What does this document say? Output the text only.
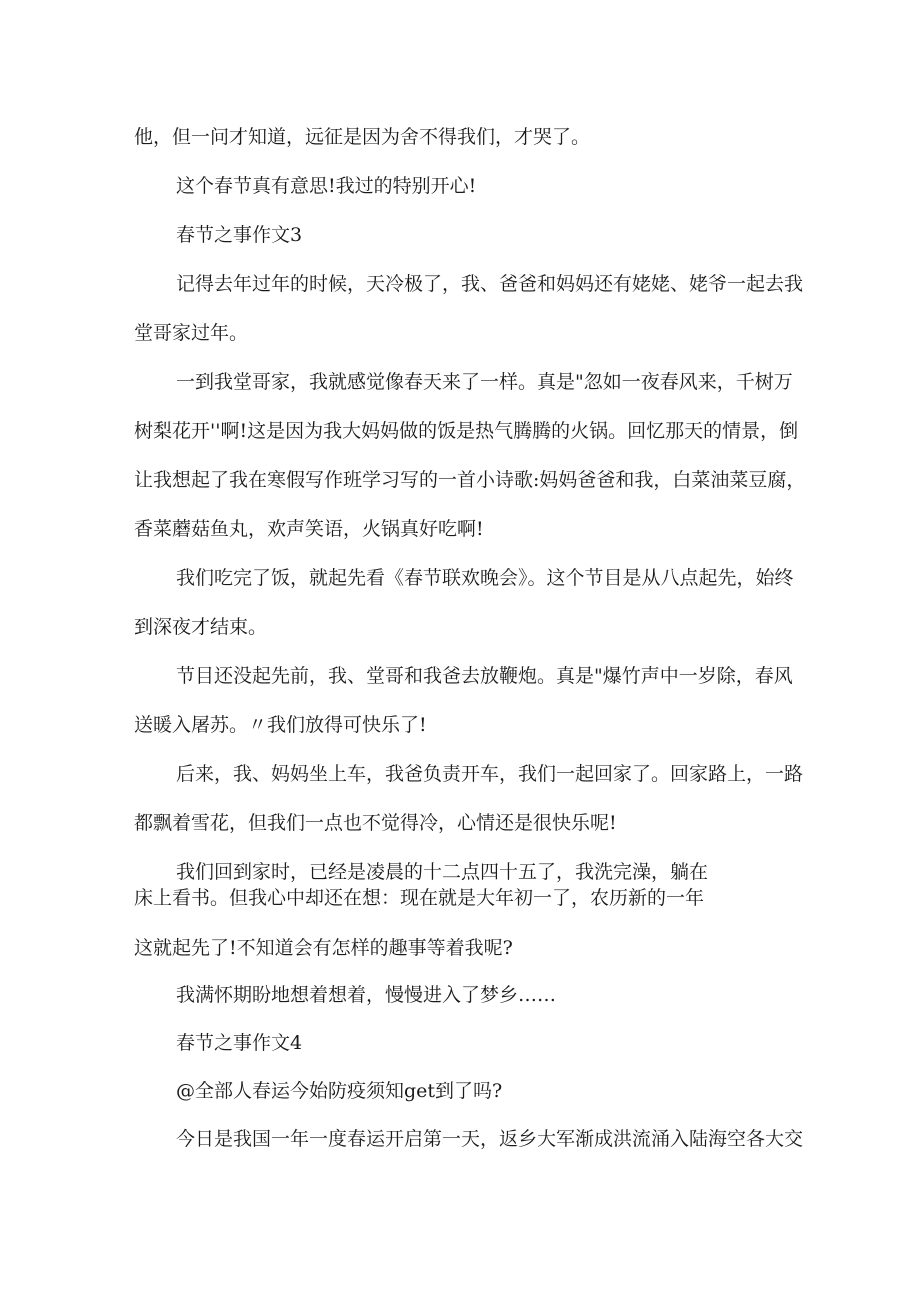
他，但一问才知道，远征是因为舍不得我们，才哭了。
这个春节真有意思!我过的特别开心!
春节之事作文3
记得去年过年的时候，天冷极了，我、爸爸和妈妈还有姥姥、姥爷一起去我
堂哥家过年。
一到我堂哥家，我就感觉像春天来了一样。真是"忽如一夜春风来，千树万
树梨花开''啊!这是因为我大妈妈做的饭是热气腾腾的火锅。回忆那天的情景，倒
让我想起了我在寒假写作班学习写的一首小诗歌:妈妈爸爸和我，白菜油菜豆腐，
香菜蘑菇鱼丸，欢声笑语，火锅真好吃啊!
我们吃完了饭，就起先看《春节联欢晚会》。这个节目是从八点起先，始终
到深夜才结束。
节目还没起先前，我、堂哥和我爸去放鞭炮。真是"爆竹声中一岁除，春风
送暖入屠苏。〃我们放得可快乐了!
后来，我、妈妈坐上车，我爸负责开车，我们一起回家了。回家路上，一路
都飘着雪花，但我们一点也不觉得冷，心情还是很快乐呢!
我们回到家时，已经是凌晨的十二点四十五了，我洗完澡，躺在
床上看书。但我心中却还在想：现在就是大年初一了，农历新的一年
这就起先了!不知道会有怎样的趣事等着我呢?
我满怀期盼地想着想着，慢慢进入了梦乡……
春节之事作文4
@全部人春运今始防疫须知get到了吗?
今日是我国一年一度春运开启第一天，返乡大军渐成洪流涌入陆海空各大交
